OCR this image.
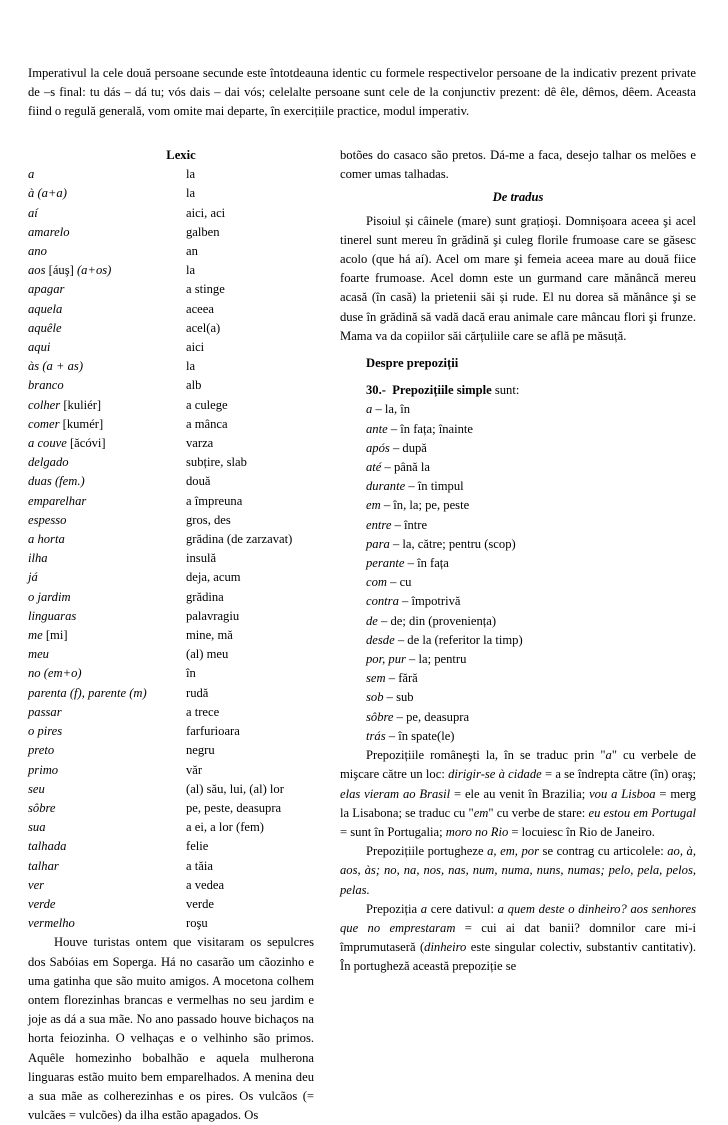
Imperativul la cele două persoane secunde este întotdeauna identic cu formele respectivelor persoane de la indicativ prezent private de –s final: tu dás – dá tu; vós dais – dai vós; celelalte persoane sunt cele de la conjunctiv prezent: dê êle, dêmos, dêem. Aceasta fiind o regulă generală, vom omite mai departe, în exercițiile practice, modul imperativ.

Lexic

a	la
à (a+a)	la
aí	aici, aci
amarelo	galben
ano	an
aos [áuş] (a+os)	la
apagar	a stinge
aquela	aceea
aquêle	acel(a)
aqui	aici
às (a + as)	la
branco	alb
colher [kuliér]	a culege
comer [kumér]	a mânca
a couve [ăcóvi]	varza
delgado	subțire, slab
duas (fem.)	două
emparelhar	a împreuna
espesso	gros, des
a horta	grădina (de zarzavat)
ilha	insulă
já	deja, acum
o jardim	grădina
linguaras	palavragiu
me [mi]	mine, mă
meu	(al) meu
no (em+o)	în
parenta (f), parente (m)	rudă
passar	a trece
o pires	farfurioara
preto	negru
primo	văr
seu	(al) său, lui, (al) lor
sôbre	pe, peste, deasupra
sua	a ei, a lor (fem)
talhada	felie
talhar	a tăia
ver	a vedea
verde	verde
vermelho	roşu

Houve turistas ontem que visitaram os sepulcres dos Sabóias em Soperga. Há no casarão um cãozinho e uma gatinha que são muito amigos. A mocetona colhem ontem florezinhas brancas e vermelhas no seu jardim e joje as dá a sua mãe. No ano passado houve bichaços na horta feiozinha. O velhaças e o velhinho são primos. Aquêle homezinho bobalhão e aquela mulherona linguaras estão muito bem emparelhados. A menina deu a sua mãe as colherezinhas e os pires. Os vulcãos (= vulcães = vulcões) da ilha estão apagados. Os

botões do casaco são pretos. Dá-me a faca, desejo talhar os melões e comer umas talhadas.

De tradus

Pisoiul și câinele (mare) sunt grațioşi. Domnișoara aceea şi acel tinerel sunt mereu în grădină şi culeg florile frumoase care se găsesc acolo (que há aí). Acel om mare şi femeia aceea mare au două fiice foarte frumoase. Acel domn este un gurmand care mănâncă mereu acasă (în casă) la prietenii săi și rude. El nu dorea să mănânce şi se duse în grădină să vadă dacă erau animale care mâncau flori şi frunze. Mama va da copiilor săi cărțuliile care se află pe măsuță.

Despre prepoziții

30.- Prepozițiile simple sunt:

a – la, în
ante – în fața; înainte
após – după
até – până la
durante – în timpul
em – în, la; pe, peste
entre – între
para – la, către; pentru (scop)
perante – în fața
com – cu
contra – împotrivă
de – de; din (proveniența)
desde – de la (referitor la timp)
por, pur – la; pentru
sem – fără
sob – sub
sôbre – pe, deasupra
trás – în spate(le)

Prepozițiile româneşti la, în se traduc prin "a" cu verbele de mişcare către un loc: dirigir-se à cidade = a se îndrepta către (în) oraş; elas vieram ao Brasil = ele au venit în Brazilia; vou a Lisboa = merg la Lisabona; se traduc cu "em" cu verbe de stare: eu estou em Portugal = sunt în Portugalia; moro no Rio = locuiesc în Rio de Janeiro.

Prepozițiile portugheze a, em, por se contrag cu articolele: ao, à, aos, às; no, na, nos, nas, num, numa, nuns, numas; pelo, pela, pelos, pelas.

Prepoziția a cere dativul: a quem deste o dinheiro? aos senhores que no emprestaram = cui ai dat banii? domnilor care mi-i împrumutaseră (dinheiro este singular colectiv, substantiv cantitativ). În portugheză această prepoziție se
